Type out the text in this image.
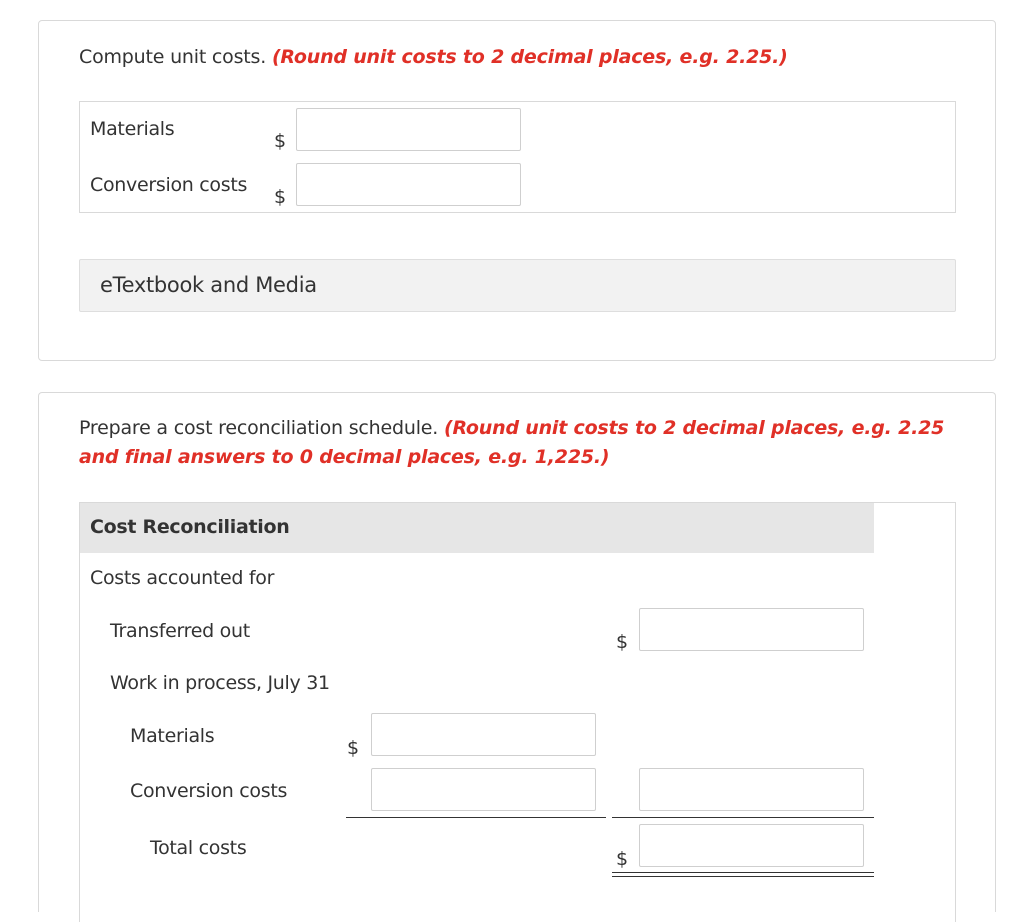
Compute unit costs. (Round unit costs to 2 decimal places, e.g. 2.25.)
Materials
$
Conversion costs
$
eTextbook and Media
Prepare a cost reconciliation schedule. (Round unit costs to 2 decimal places, e.g. 2.25 and final answers to 0 decimal places, e.g. 1,225.)
Cost Reconciliation
Costs accounted for
Transferred out	$
Work in process, July 31
Materials
$
Conversion costs
Total costs	$
